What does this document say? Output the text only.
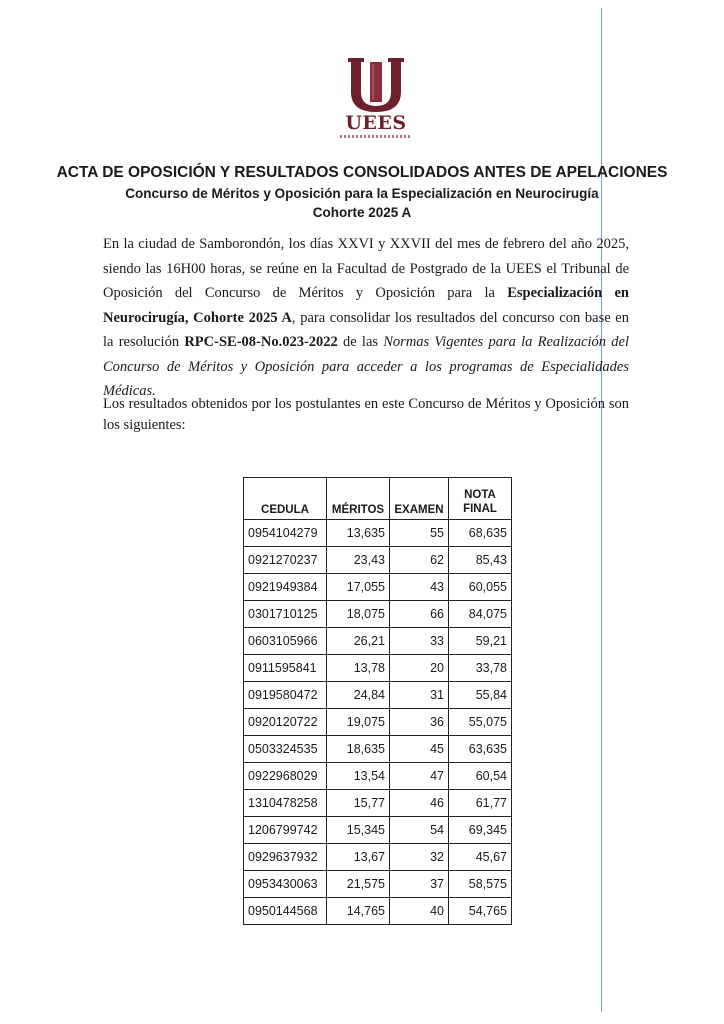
UEES
ACTA DE OPOSICIÓN Y RESULTADOS CONSOLIDADOS ANTES DE APELACIONES
Concurso de Méritos y Oposición para la Especialización en Neurocirugía
Cohorte 2025 A

En la ciudad de Samborondón, los días XXVI y XXVII del mes de febrero del año 2025, siendo las 16H00 horas, se reúne en la Facultad de Postgrado de la UEES el Tribunal de Oposición del Concurso de Méritos y Oposición para la Especialización en Neurocirugía, Cohorte 2025 A, para consolidar los resultados del concurso con base en la resolución RPC-SE-08-No.023-2022 de las Normas Vigentes para la Realización del Concurso de Méritos y Oposición para acceder a los programas de Especialidades Médicas.

Los resultados obtenidos por los postulantes en este Concurso de Méritos y Oposición son los siguientes:

CEDULA	MÉRITOS	EXAMEN	NOTA
FINAL

0954104279	13,635	55	68,635
0921270237	23,43	62	85,43
0921949384	17,055	43	60,055
0301710125	18,075	66	84,075
0603105966	26,21	33	59,21
0911595841	13,78	20	33,78
0919580472	24,84	31	55,84
0920120722	19,075	36	55,075
0503324535	18,635	45	63,635
0922968029	13,54	47	60,54
1310478258	15,77	46	61,77
1206799742	15,345	54	69,345
0929637932	13,67	32	45,67
0953430063	21,575	37	58,575
0950144568	14,765	40	54,765
